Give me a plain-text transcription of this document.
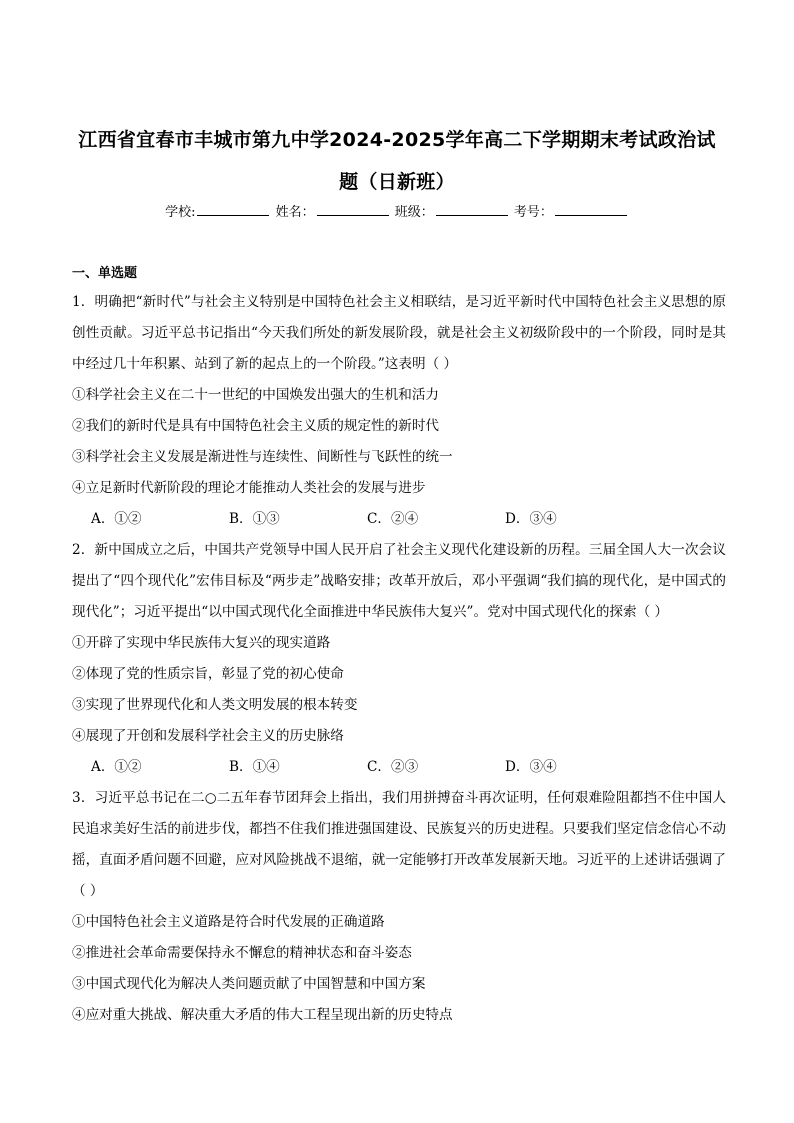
江西省宜春市丰城市第九中学2024-2025学年高二下学期期末考试政治试
题（日新班）
学校:	姓名：	班级：	考号：
一、单选题
1．明确把“新时代”与社会主义特别是中国特色社会主义相联结，是习近平新时代中国特色社会主义思想的原创性贡献。习近平总书记指出“今天我们所处的新发展阶段，就是社会主义初级阶段中的一个阶段，同时是其中经过几十年积累、站到了新的起点上的一个阶段。”这表明（ ）
①科学社会主义在二十一世纪的中国焕发出强大的生机和活力
②我们的新时代是具有中国特色社会主义质的规定性的新时代
③科学社会主义发展是渐进性与连续性、间断性与飞跃性的统一
④立足新时代新阶段的理论才能推动人类社会的发展与进步
A．①②	B．①③	C．②④	D．③④
2．新中国成立之后，中国共产党领导中国人民开启了社会主义现代化建设新的历程。三届全国人大一次会议提出了“四个现代化”宏伟目标及“两步走”战略安排；改革开放后，邓小平强调“我们搞的现代化，是中国式的现代化”；习近平提出“以中国式现代化全面推进中华民族伟大复兴”。党对中国式现代化的探索（ ）
①开辟了实现中华民族伟大复兴的现实道路
②体现了党的性质宗旨，彰显了党的初心使命
③实现了世界现代化和人类文明发展的根本转变
④展现了开创和发展科学社会主义的历史脉络
A．①②	B．①④	C．②③	D．③④
3．习近平总书记在二○二五年春节团拜会上指出，我们用拼搏奋斗再次证明，任何艰难险阻都挡不住中国人民追求美好生活的前进步伐，都挡不住我们推进强国建设、民族复兴的历史进程。只要我们坚定信念信心不动摇，直面矛盾问题不回避，应对风险挑战不退缩，就一定能够打开改革发展新天地。习近平的上述讲话强调了（ ）
①中国特色社会主义道路是符合时代发展的正确道路
②推进社会革命需要保持永不懈怠的精神状态和奋斗姿态
③中国式现代化为解决人类问题贡献了中国智慧和中国方案
④应对重大挑战、解决重大矛盾的伟大工程呈现出新的历史特点
